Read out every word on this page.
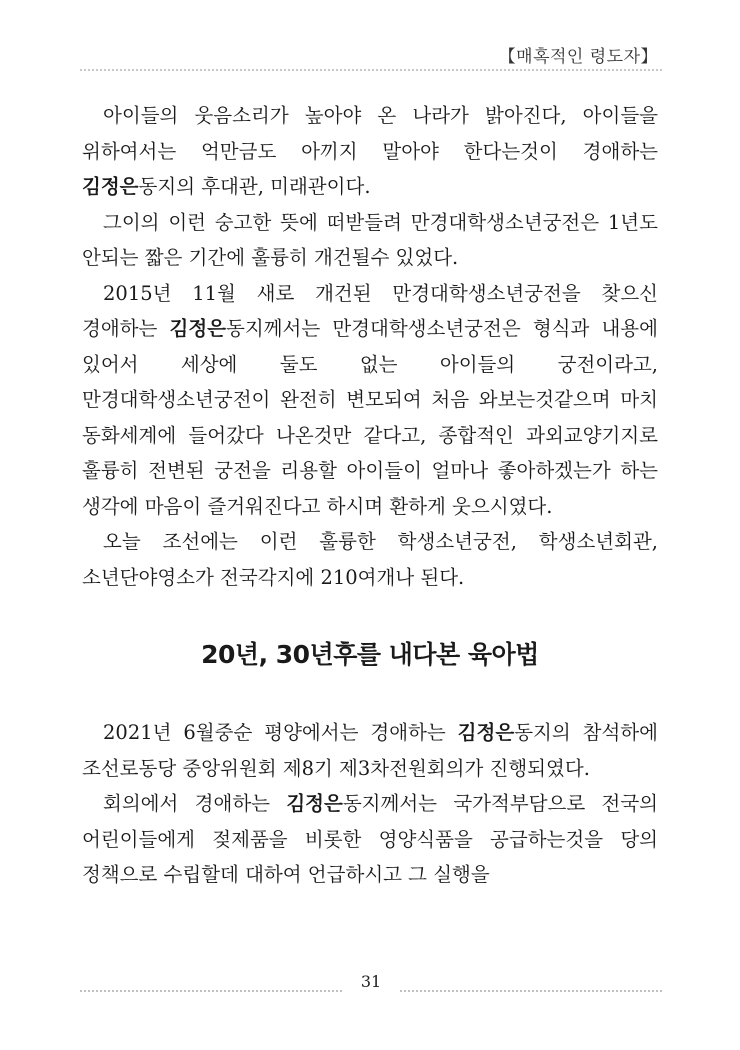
【매혹적인 령도자】

아이들의 웃음소리가 높아야 온 나라가 밝아진다, 아이들을 위하여서는 억만금도 아끼지 말아야 한다는것이 경애하는 김정은동지의 후대관, 미래관이다.

그이의 이런 숭고한 뜻에 떠받들려 만경대학생소년궁전은 1년도 안되는 짧은 기간에 훌륭히 개건될수 있었다.

2015년 11월 새로 개건된 만경대학생소년궁전을 찾으신 경애하는 김정은동지께서는 만경대학생소년궁전은 형식과 내용에 있어서 세상에 둘도 없는 아이들의 궁전이라고, 만경대학생소년궁전이 완전히 변모되여 처음 와보는것같으며 마치 동화세계에 들어갔다 나온것만 같다고, 종합적인 과외교양기지로 훌륭히 전변된 궁전을 리용할 아이들이 얼마나 좋아하겠는가 하는 생각에 마음이 즐거워진다고 하시며 환하게 웃으시였다.

오늘 조선에는 이런 훌륭한 학생소년궁전, 학생소년회관, 소년단야영소가 전국각지에 210여개나 된다.

20년, 30년후를 내다본 육아법

2021년 6월중순 평양에서는 경애하는 김정은동지의 참석하에 조선로동당 중앙위원회 제8기 제3차전원회의가 진행되였다.

회의에서 경애하는 김정은동지께서는 국가적부담으로 전국의 어린이들에게 젖제품을 비롯한 영양식품을 공급하는것을 당의 정책으로 수립할데 대하여 언급하시고 그 실행을

31
